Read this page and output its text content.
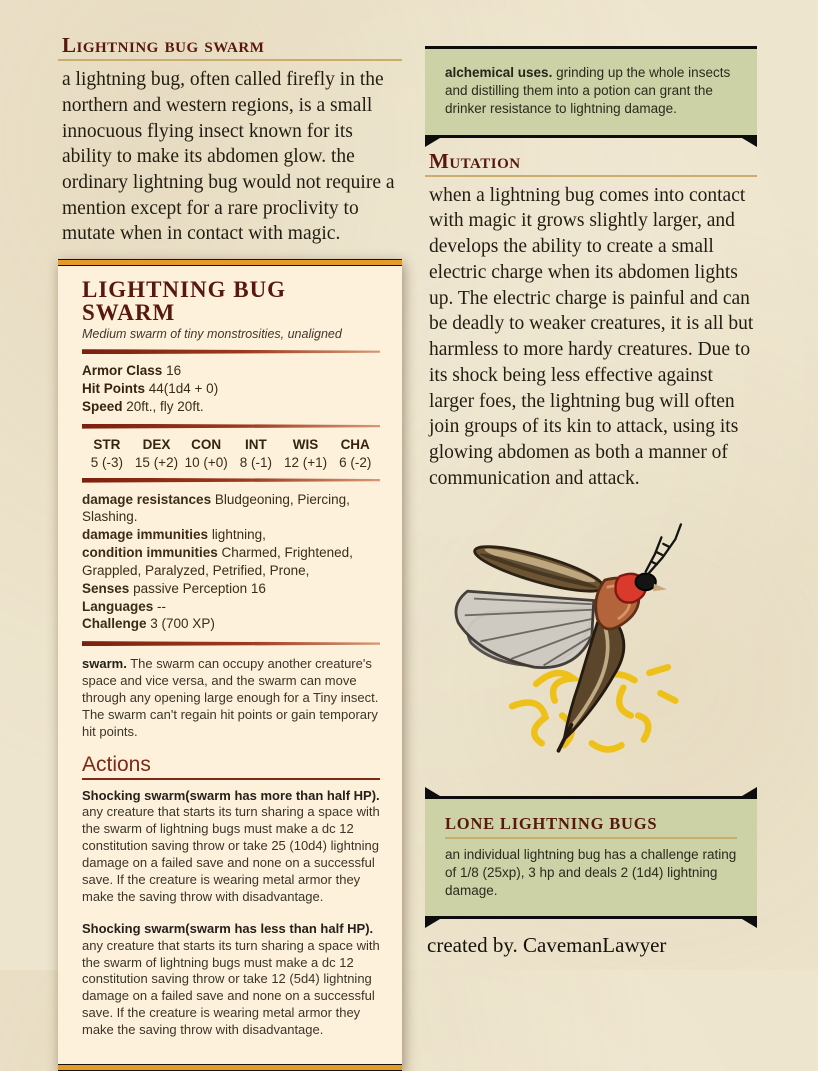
Lightning bug swarm

a lightning bug, often called firefly in the northern and western regions, is a small innocuous flying insect known for its ability to make its abdomen glow. the ordinary lightning bug would not require a mention except for a rare proclivity to mutate when in contact with magic.

LIGHTNING BUG SWARM

Medium swarm of tiny monstrosities, unaligned

Armor Class 16

Hit Points 44(1d4 + 0)

Speed 20ft., fly 20ft.

STR
5 (-3)
DEX
15 (+2)
CON
10 (+0)
INT
8 (-1)
WIS
12 (+1)
CHA
6 (-2)

damage resistances Bludgeoning, Piercing, Slashing.

damage immunities lightning,

condition immunities Charmed, Frightened, Grappled, Paralyzed, Petrified, Prone,

Senses passive Perception 16

Languages --

Challenge 3 (700 XP)

swarm. The swarm can occupy another creature's space and vice versa, and the swarm can move through any opening large enough for a Tiny insect. The swarm can't regain hit points or gain temporary hit points.

Actions

Shocking swarm(swarm has more than half HP). any creature that starts its turn sharing a space with the swarm of lightning bugs must make a dc 12 constitution saving throw or take 25 (10d4) lightning damage on a failed save and none on a successful save. If the creature is wearing metal armor they make the saving throw with disadvantage.

Shocking swarm(swarm has less than half HP). any creature that starts its turn sharing a space with the swarm of lightning bugs must make a dc 12 constitution saving throw or take 12 (5d4) lightning damage on a failed save and none on a successful save. If the creature is wearing metal armor they make the saving throw with disadvantage.

alchemical uses. grinding up the whole insects and distilling them into a potion can grant the drinker resistance to lightning damage.

Mutation

when a lightning bug comes into contact with magic it grows slightly larger, and develops the ability to create a small electric charge when its abdomen lights up. The electric charge is painful and can be deadly to weaker creatures, it is all but harmless to more hardy creatures. Due to its shock being less effective against larger foes, the lightning bug will often join groups of its kin to attack, using its glowing abdomen as both a manner of communication and attack.

LONE LIGHTNING BUGS

an individual lightning bug has a challenge rating of 1/8 (25xp), 3 hp and deals 2 (1d4) lightning damage.

created by. CavemanLawyer
